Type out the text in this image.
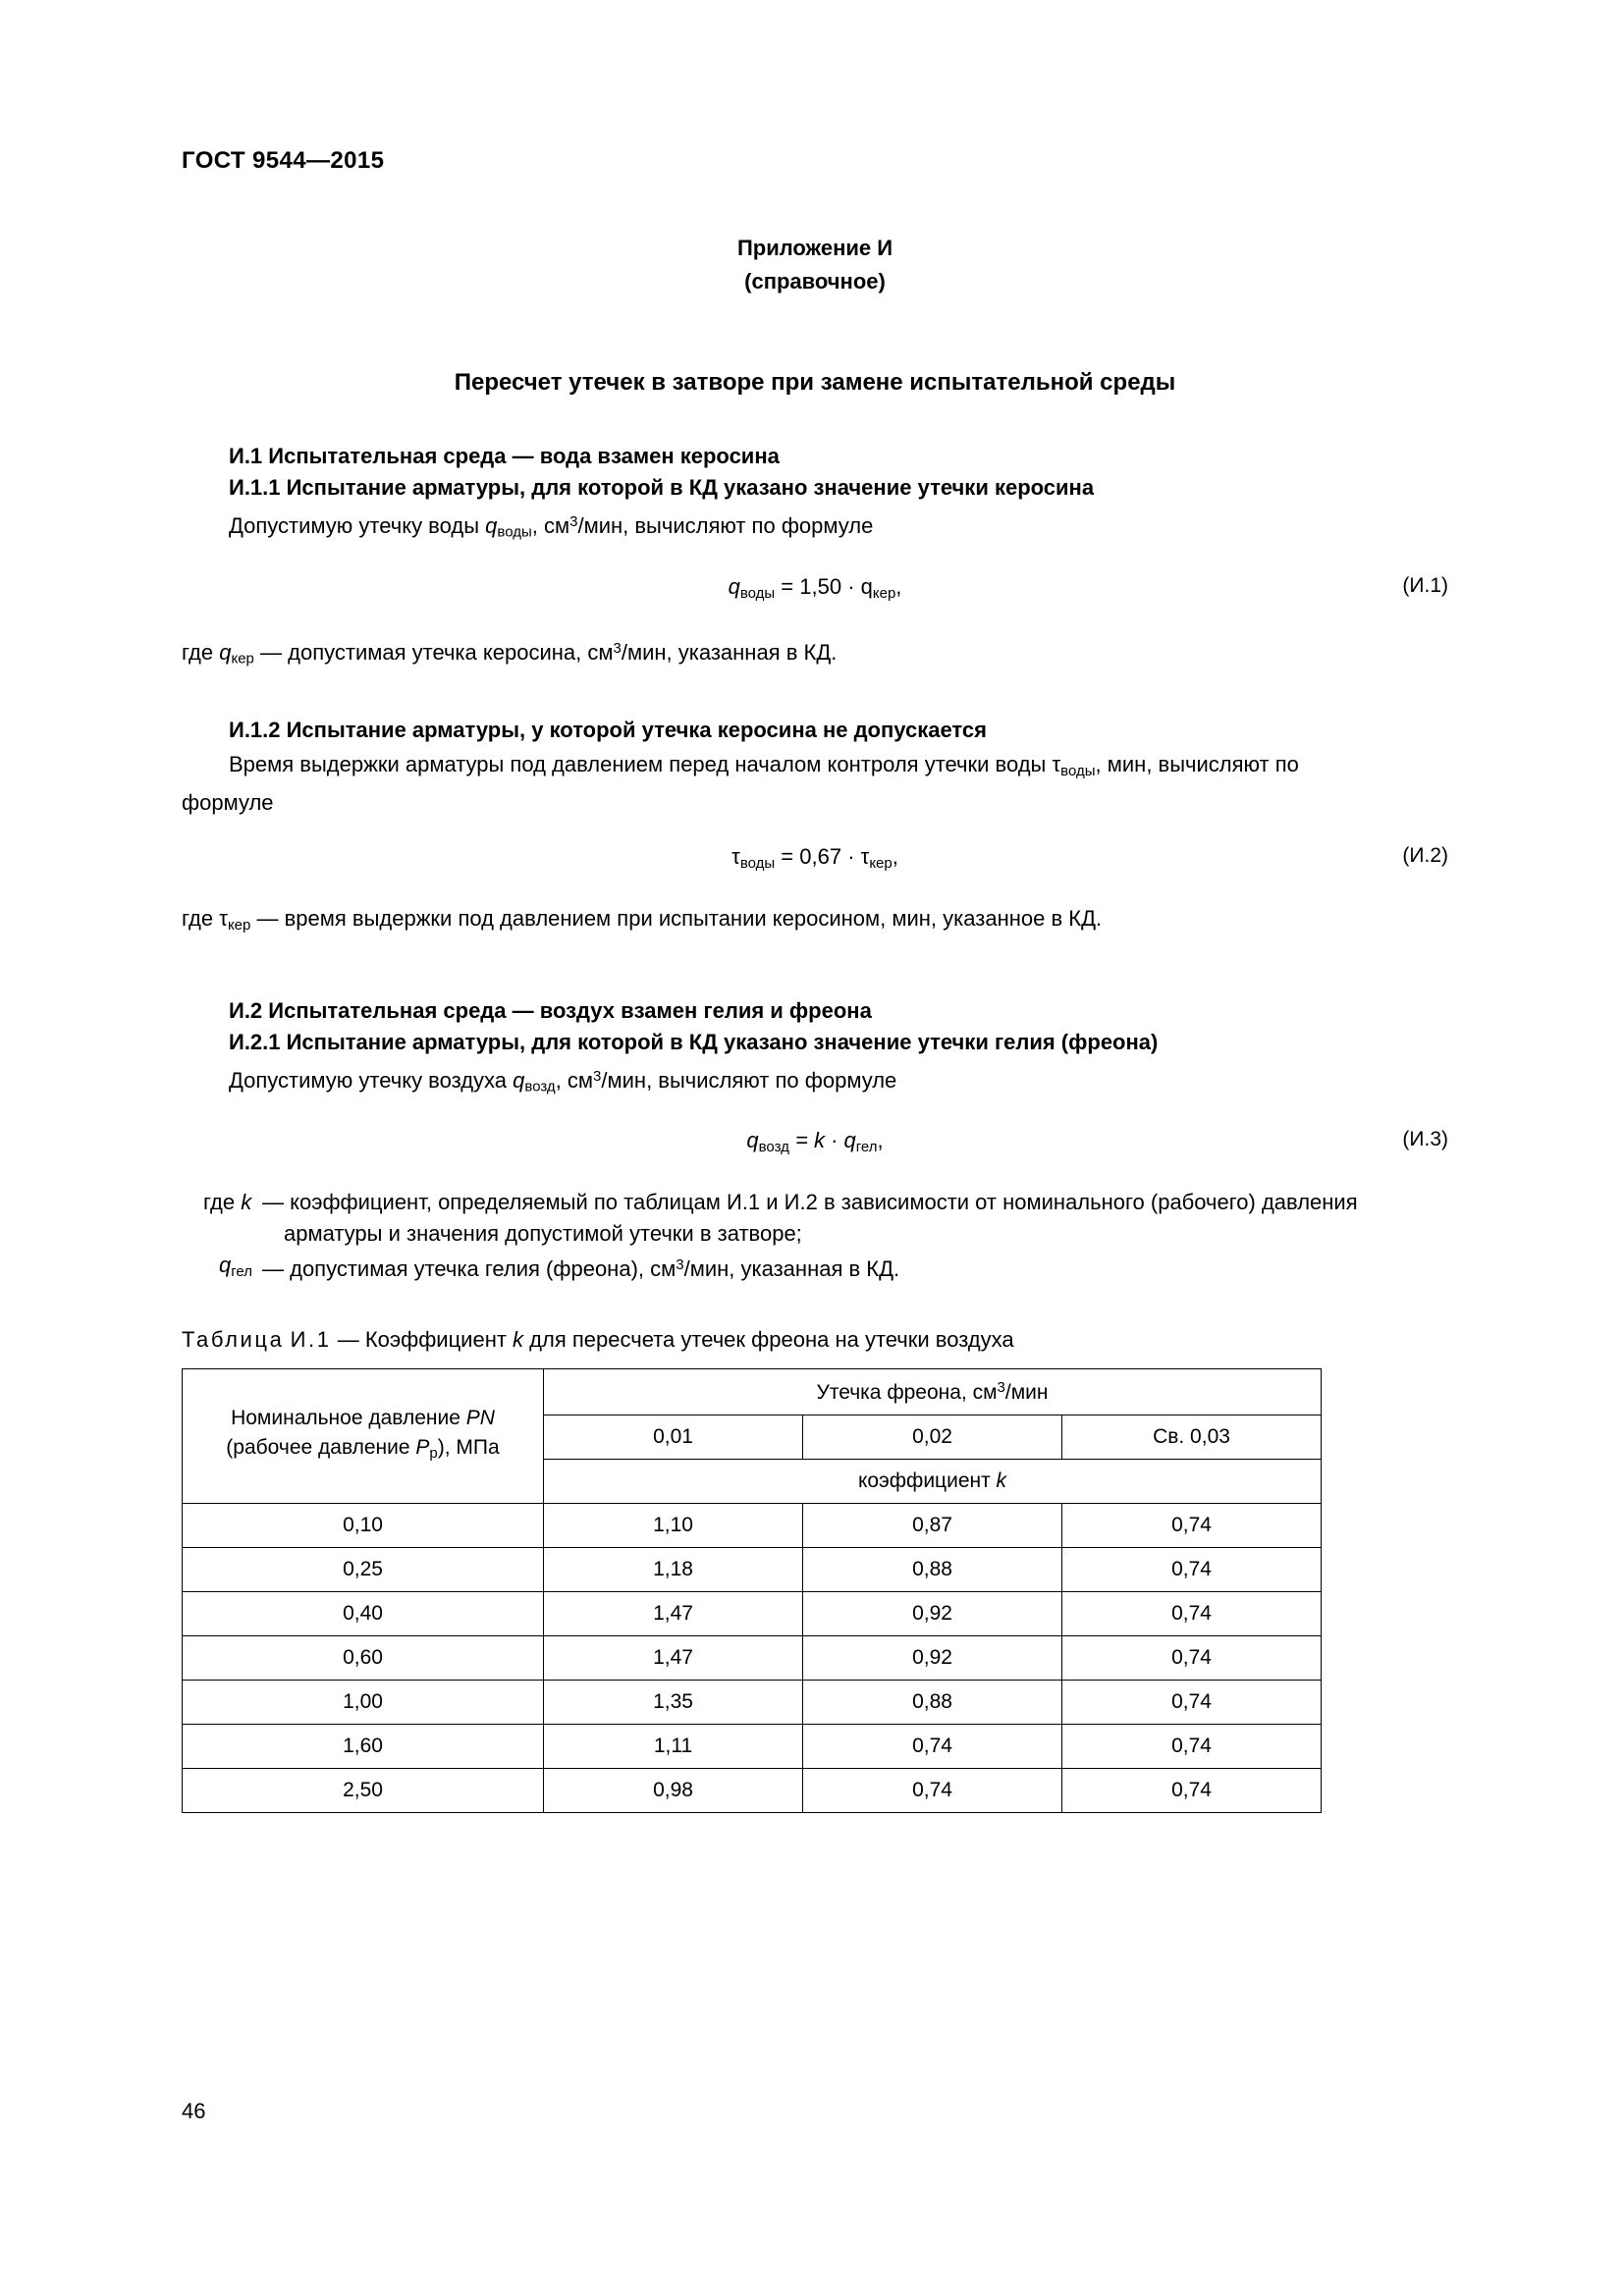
ГОСТ 9544—2015
Приложение И
(справочное)
Пересчет утечек в затворе при замене испытательной среды
И.1 Испытательная среда — вода взамен керосина
И.1.1 Испытание арматуры, для которой в КД указано значение утечки керосина

Допустимую утечку воды $q_{воды}$, $см^3$/мин, вычисляют по формуле

$q_{воды} = 1,50 \cdot q_{кер}$,	(И.1)

где $q_{кер}$ — допустимая утечка керосина, $см^3$/мин, указанная в КД.

И.1.2 Испытание арматуры, у которой утечка керосина не допускается

Время выдержки арматуры под давлением перед началом контроля утечки воды $\tau_{воды}$, мин, вычисляют по

формуле

$\tau_{воды} = 0,67 \cdot \tau_{кер}$,	(И.2)

где $\tau_{кер}$ — время выдержки под давлением при испытании керосином, мин, указанное в КД.

И.2 Испытательная среда — воздух взамен гелия и фреона
И.2.1 Испытание арматуры, для которой в КД указано значение утечки гелия (фреона)

Допустимую утечку воздуха $q_{возд}$, $см^3$/мин, вычисляют по формуле

$q_{возд} = k \cdot q_{гел}$,	(И.3)
где k — коэффициент, определяемый по таблицам И.1 и И.2 в зависимости от номинального (рабочего) давления
арматуры и значения допустимой утечки в затворе;
$q_{гел}$ — допустимая утечка гелия (фреона), $см^3$/мин, указанная в КД.
Таблица И.1 — Коэффициент k для пересчета утечек фреона на утечки воздуха
Номинальное давление PN
(рабочее давление $P_р$), МПа	Утечка фреона, $см^3$/мин		
	0,01	0,02	Св. 0,03
	коэффициент k		
0,10	1,10	0,87	0,74
0,25	1,18	0,88	0,74
0,40	1,47	0,92	0,74
0,60	1,47	0,92	0,74
1,00	1,35	0,88	0,74
1,60	1,11	0,74	0,74
2,50	0,98	0,74	0,74
46
